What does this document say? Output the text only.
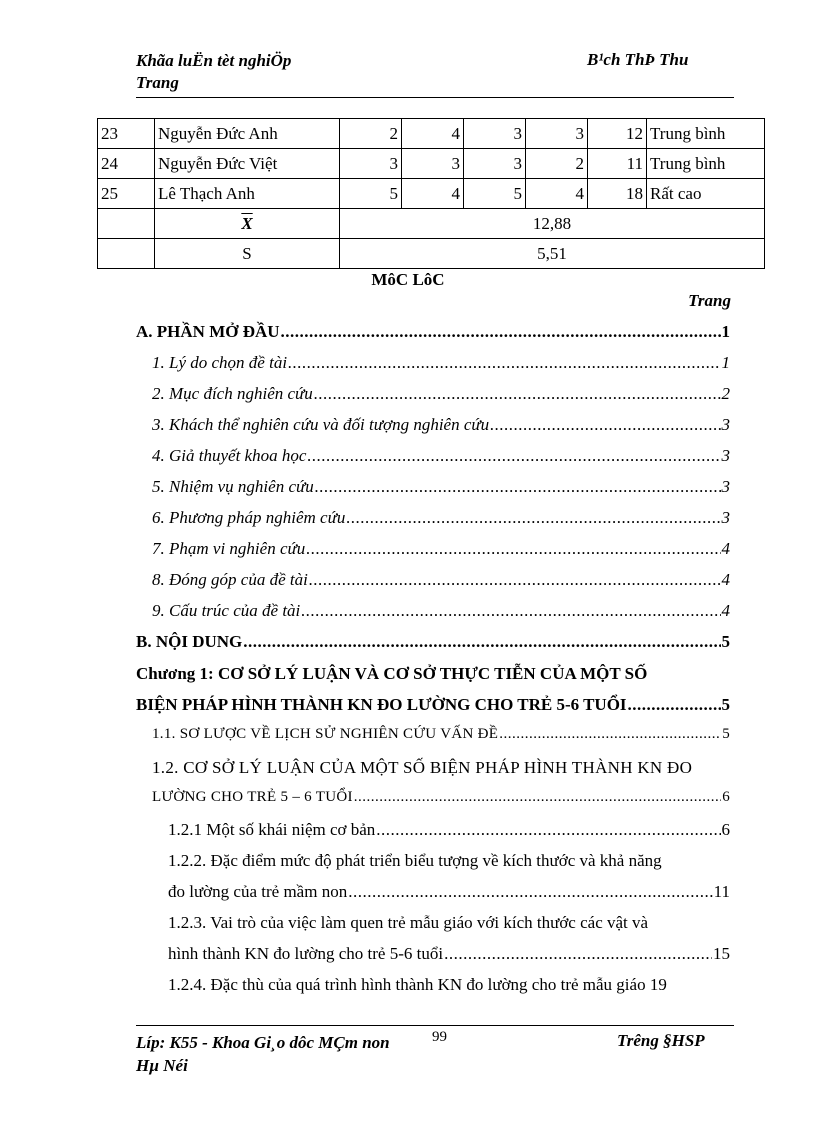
Khãa luËn tèt nghiÖp
Trang
B¹ch ThÞ Thu
23	Nguyễn Đức Anh	2	4	3	3	12	Trung bình
24	Nguyễn Đức Việt	3	3	3	2	11	Trung bình
25	Lê Thạch Anh	5	4	5	4	18	Rất cao
	$\overline{X}$	12,88					
	S	5,51					
MôC LôC
Trang
A. PHẦN MỞ ĐẦU .....	1
1. Lý do chọn đề tài .....	1
2. Mục đích nghiên cứu .....	2
3. Khách thể nghiên cứu và đối tượng nghiên cứu .....	3
4. Giả thuyết khoa học .....	3
5. Nhiệm vụ nghiên cứu .....	3
6. Phương pháp nghiêm cứu .....	3
7. Phạm vi nghiên cứu .....	4
8. Đóng góp của đề tài .....	4
9. Cấu trúc của đề tài .....	4
B. NỘI DUNG .....	5
Chương 1: CƠ SỞ LÝ LUẬN VÀ CƠ SỞ THỰC TIỄN CỦA MỘT SỐ
BIỆN PHÁP HÌNH THÀNH KN ĐO LƯỜNG CHO TRẺ 5-6 TUỔI .....	5
1.1. SƠ LƯỢC VỀ LỊCH SỬ NGHIÊN CỨU VẤN ĐỀ .....	5
1.2. CƠ SỞ LÝ LUẬN CỦA MỘT SỐ BIỆN PHÁP HÌNH THÀNH KN ĐO
LƯỜNG CHO TRẺ 5 – 6 TUỔI .....	6
1.2.1 Một số khái niệm cơ bản .....	6
1.2.2. Đặc điểm mức độ phát triển biểu tượng về kích thước và khả năng
đo lường của trẻ mầm non .....	11
1.2.3. Vai trò của việc làm quen trẻ mẫu giáo với kích thước các vật và
hình thành KN đo lường cho trẻ 5-6 tuổi .....	15
1.2.4. Đặc thù của quá trình hình thành KN đo lường cho trẻ mẫu giáo 19
Líp: K55 - Khoa Gi¸o dôc MÇm non
Hµ Néi
99	Trêng §HSP
